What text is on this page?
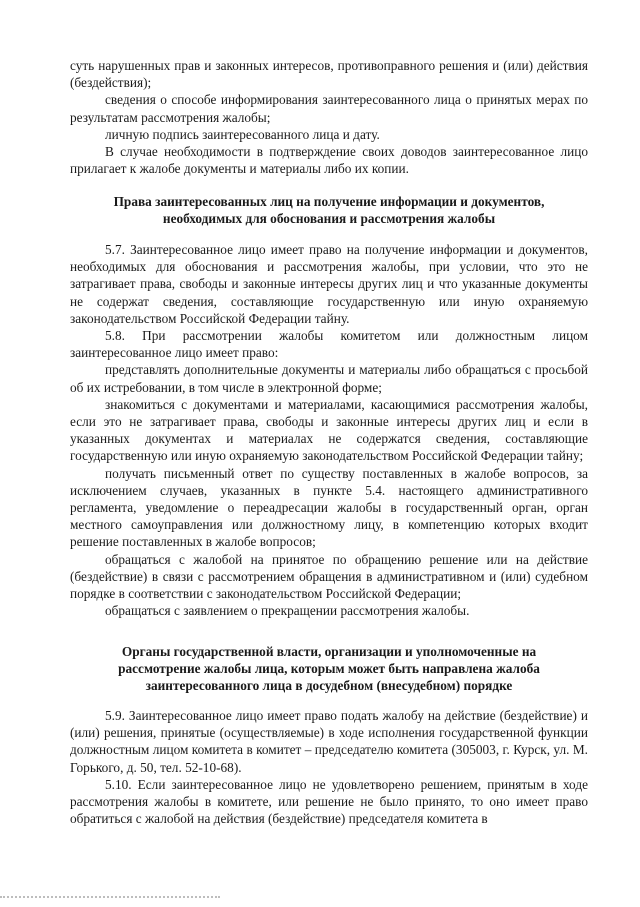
суть нарушенных прав и законных интересов, противоправного решения и (или) действия (бездействия);

сведения о способе информирования заинтересованного лица о принятых мерах по результатам рассмотрения жалобы;

личную подпись заинтересованного лица и дату.

В случае необходимости в подтверждение своих доводов заинтересованное лицо прилагает к жалобе документы и материалы либо их копии.

Права заинтересованных лиц на получение информации и документов,
необходимых для обоснования и рассмотрения жалобы

5.7. Заинтересованное лицо имеет право на получение информации и документов, необходимых для обоснования и рассмотрения жалобы, при условии, что это не затрагивает права, свободы и законные интересы других лиц и что указанные документы не содержат сведения, составляющие государственную или иную охраняемую законодательством Российской Федерации тайну.

5.8. При рассмотрении жалобы комитетом или должностным лицом заинтересованное лицо имеет право:

представлять дополнительные документы и материалы либо обращаться с просьбой об их истребовании, в том числе в электронной форме;

знакомиться с документами и материалами, касающимися рассмотрения жалобы, если это не затрагивает права, свободы и законные интересы других лиц и если в указанных документах и материалах не содержатся сведения, составляющие государственную или иную охраняемую законодательством Российской Федерации тайну;

получать письменный ответ по существу поставленных в жалобе вопросов, за исключением случаев, указанных в пункте 5.4. настоящего административного регламента, уведомление о переадресации жалобы в государственный орган, орган местного самоуправления или должностному лицу, в компетенцию которых входит решение поставленных в жалобе вопросов;

обращаться с жалобой на принятое по обращению решение или на действие (бездействие) в связи с рассмотрением обращения в административном и (или) судебном порядке в соответствии с законодательством Российской Федерации;

обращаться с заявлением о прекращении рассмотрения жалобы.

Органы государственной власти, организации и уполномоченные на
рассмотрение жалобы лица, которым может быть направлена жалоба
заинтересованного лица в досудебном (внесудебном) порядке

5.9. Заинтересованное лицо имеет право подать жалобу на действие (бездействие) и (или) решения, принятые (осуществляемые) в ходе исполнения государственной функции должностным лицом комитета в комитет – председателю комитета (305003, г. Курск, ул. М. Горького, д. 50, тел. 52-10-68).

5.10. Если заинтересованное лицо не удовлетворено решением, принятым в ходе рассмотрения жалобы в комитете, или решение не было принято, то оно имеет право обратиться с жалобой на действия (бездействие) председателя комитета в
